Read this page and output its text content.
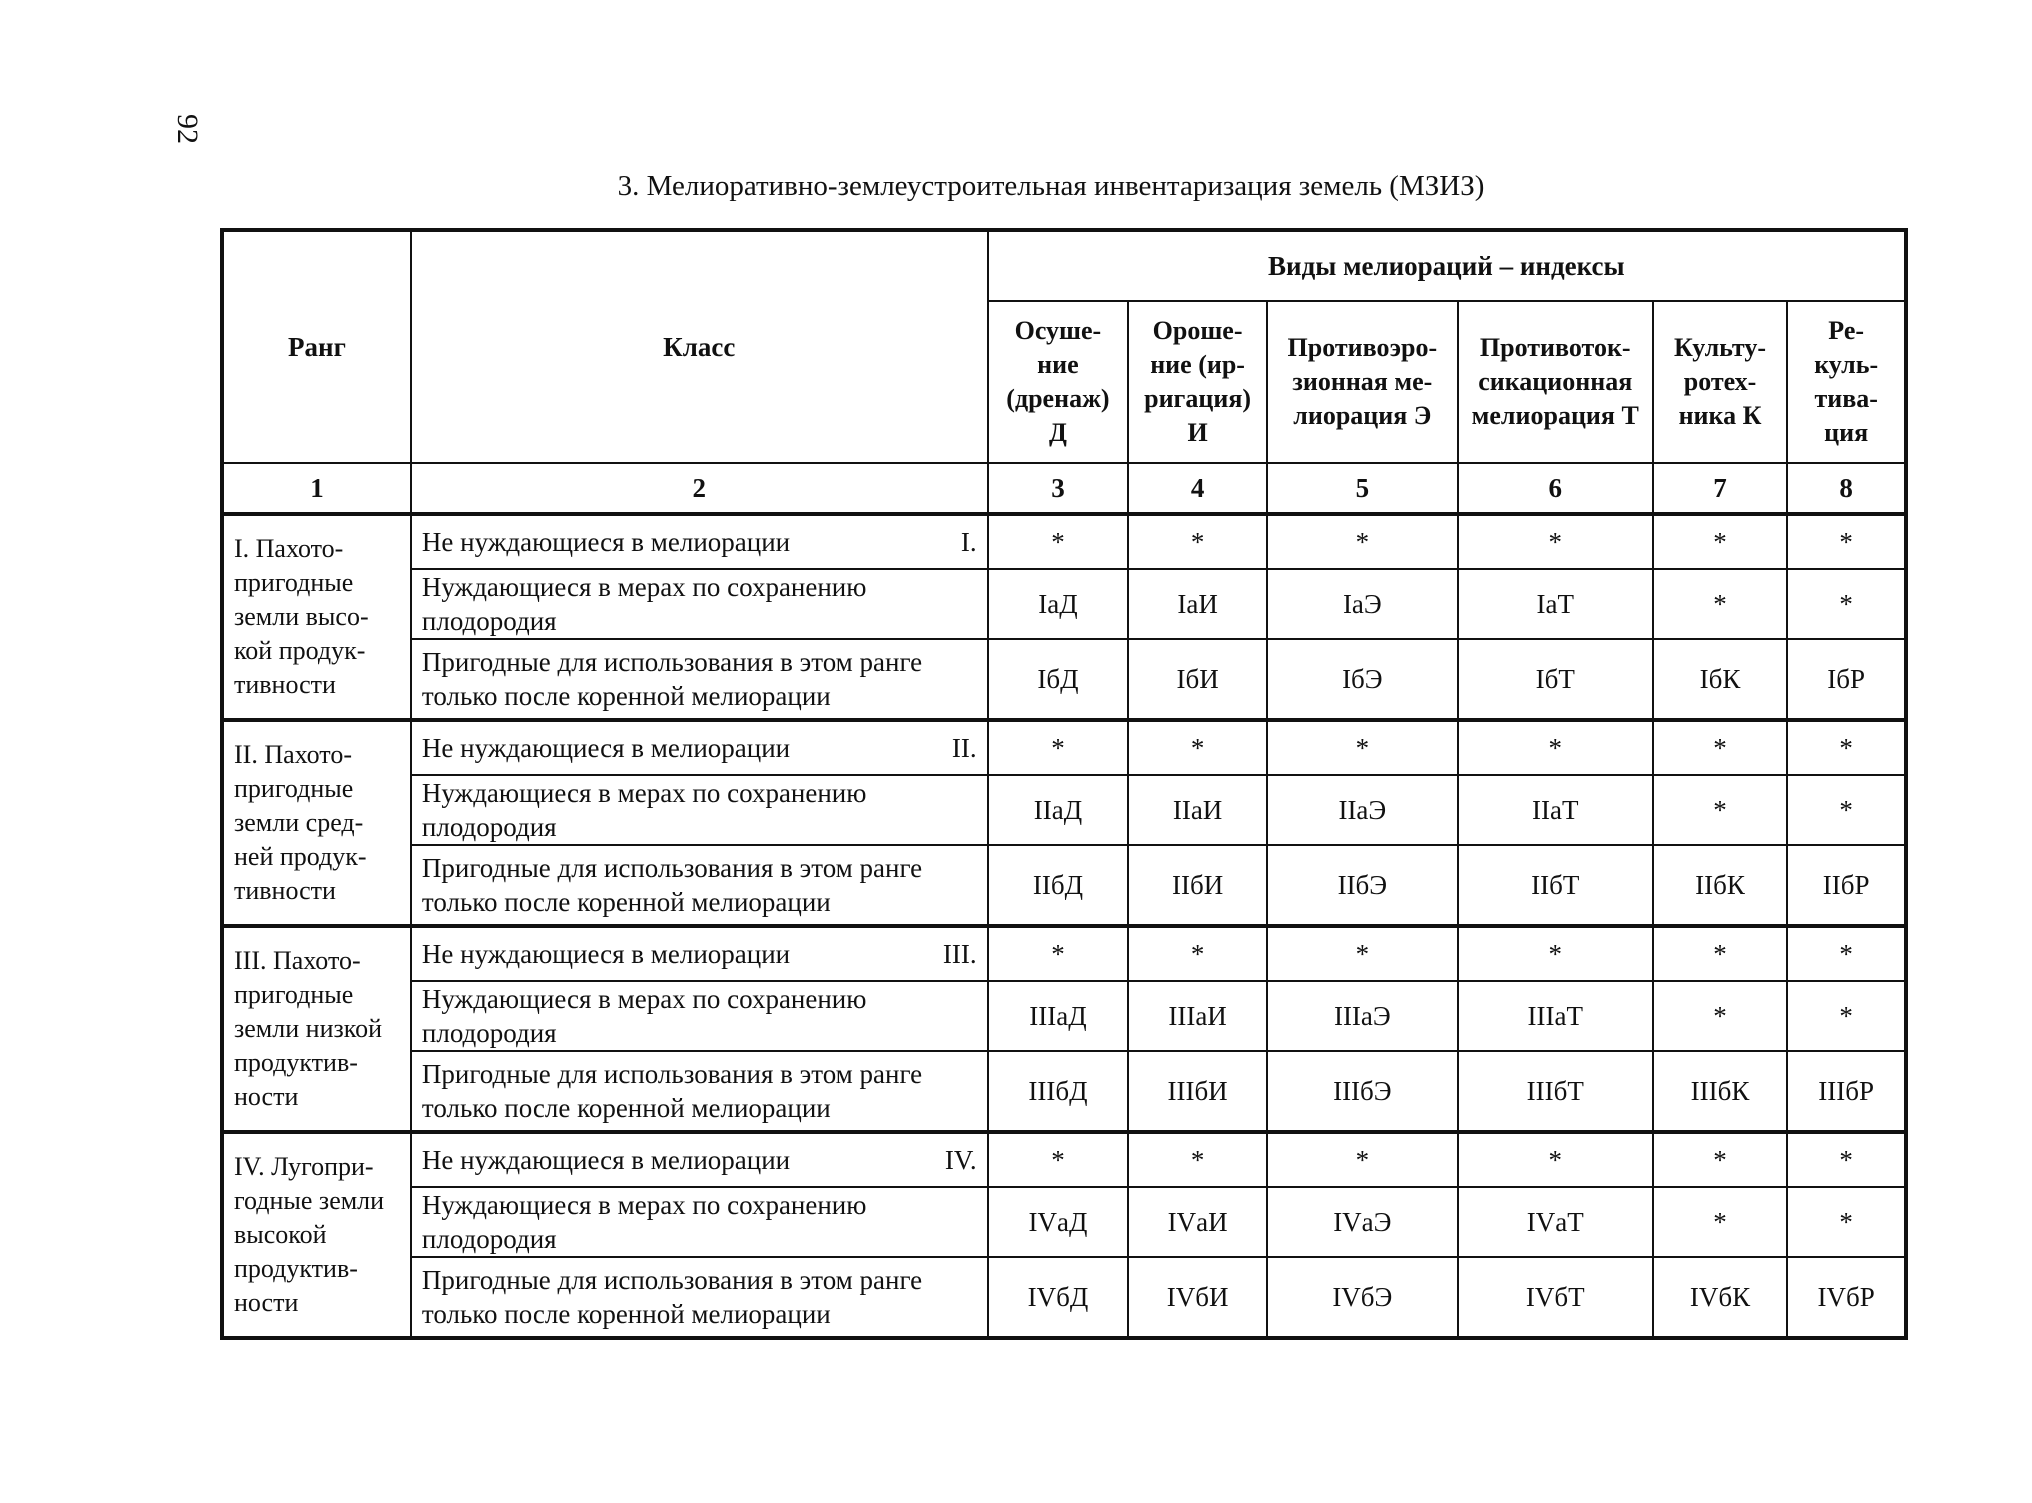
92
3. Мелиоративно-землеустроительная инвентаризация земель (МЗИЗ)
Ранг	Класс	Виды мелиораций – индексы					
		Осуше-ние (дренаж) Д	Ороше-ние (ир-ригация) И	Противоэро-зионная ме-лиорация Э	Противоток-сикационная мелиорация Т	Культу-ротех-ника К	Ре-куль-тива-ция
1	2	3	4	5	6	7	8
I. Пахото-пригодные земли высо-кой продук-тивности	Не нуждающиеся в мелиорации I.	*	*	*	*	*	*

	Нуждающиеся в мерах по сохранению плодородия	IаД	IаИ	IаЭ	IаТ	*	*

	Пригодные для использования в этом ранге только после коренной мелиорации	IбД	IбИ	IбЭ	IбТ	IбК	IбР
II. Пахото-пригодные земли сред-ней продук-тивности	Не нуждающиеся в мелиорации II.	*	*	*	*	*	*

	Нуждающиеся в мерах по сохранению плодородия	IIаД	IIаИ	IIаЭ	IIаТ	*	*

	Пригодные для использования в этом ранге только после коренной мелиорации	IIбД	IIбИ	IIбЭ	IIбТ	IIбК	IIбР
III. Пахото-пригодные земли низкой продуктив-ности	Не нуждающиеся в мелиорации III.	*	*	*	*	*	*

	Нуждающиеся в мерах по сохранению плодородия	IIIаД	IIIаИ	IIIаЭ	IIIаТ	*	*

	Пригодные для использования в этом ранге только после коренной мелиорации	IIIбД	IIIбИ	IIIбЭ	IIIбТ	IIIбК	IIIбР
IV. Лугопри-годные земли высокой продуктив-ности	Не нуждающиеся в мелиорации IV.	*	*	*	*	*	*

	Нуждающиеся в мерах по сохранению плодородия	IVаД	IVаИ	IVаЭ	IVаТ	*	*

	Пригодные для использования в этом ранге только после коренной мелиорации	IVбД	IVбИ	IVбЭ	IVбТ	IVбК	IVбР
